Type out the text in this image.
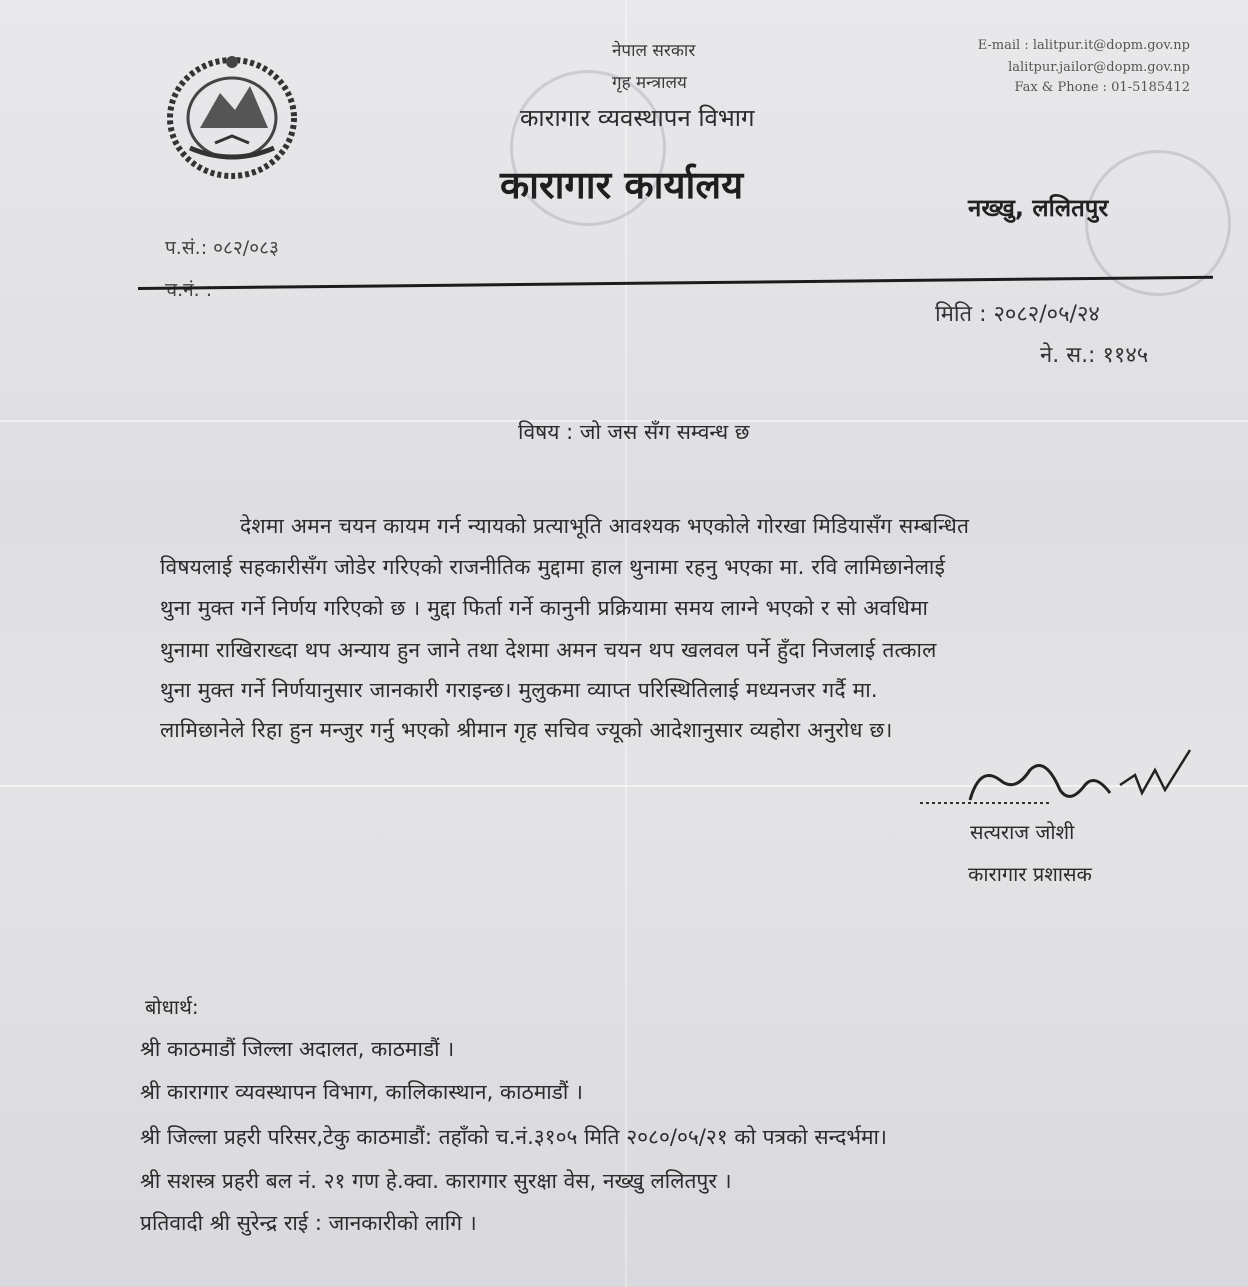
नेपाल सरकार
गृह मन्त्रालय
कारागार व्यवस्थापन विभाग
कारागार कार्यालय
E-mail : lalitpur.it@dopm.gov.np
lalitpur.jailor@dopm.gov.np
Fax & Phone : 01-5185412
नख्खु, ललितपुर
प.सं.: ०८२/०८३
च.नं. :
मिति : २०८२/०५/२४
ने. स.: ११४५
विषय : जो जस सँग सम्वन्ध छ
देशमा अमन चयन कायम गर्न न्यायको प्रत्याभूति आवश्यक भएकोले गोरखा मिडियासँग सम्बन्धित
विषयलाई सहकारीसँग जोडेर गरिएको राजनीतिक मुद्दामा हाल थुनामा रहनु भएका मा. रवि लामिछानेलाई
थुना मुक्त गर्ने निर्णय गरिएको छ । मुद्दा फिर्ता गर्ने कानुनी प्रक्रियामा समय लाग्ने भएको र सो अवधिमा
थुनामा राखिराख्दा थप अन्याय हुन जाने तथा देशमा अमन चयन थप खलवल पर्ने हुँदा निजलाई तत्काल
थुना मुक्त गर्ने निर्णयानुसार जानकारी गराइन्छ। मुलुकमा व्याप्त परिस्थितिलाई मध्यनजर गर्दै मा.
लामिछानेले रिहा हुन मन्जुर गर्नु भएको श्रीमान गृह सचिव ज्यूको आदेशानुसार व्यहोरा अनुरोध छ।
सत्यराज जोशी
कारागार प्रशासक
बोधार्थ:
श्री काठमाडौं जिल्ला अदालत, काठमाडौं ।
श्री कारागार व्यवस्थापन विभाग, कालिकास्थान, काठमाडौं ।
श्री जिल्ला प्रहरी परिसर,टेकु काठमाडौं: तहाँको च.नं.३१०५ मिति २०८०/०५/२१ को पत्रको सन्दर्भमा।
श्री सशस्त्र प्रहरी बल नं. २१ गण हे.क्वा. कारागार सुरक्षा वेस, नख्खु ललितपुर ।
प्रतिवादी श्री सुरेन्द्र राई : जानकारीको लागि ।
